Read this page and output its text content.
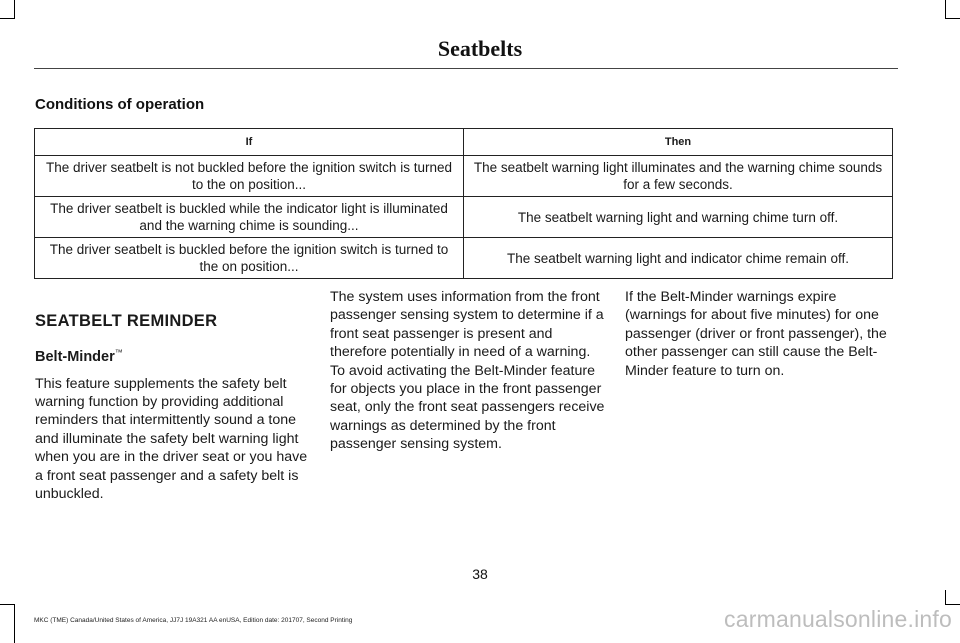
Seatbelts
Conditions of operation
If	Then
The driver seatbelt is not buckled before the ignition switch is turned to the on position...	The seatbelt warning light illuminates and the warning chime sounds for a few seconds.
The driver seatbelt is buckled while the indicator light is illuminated and the warning chime is sounding...	The seatbelt warning light and warning chime turn off.
The driver seatbelt is buckled before the ignition switch is turned to the on position...	The seatbelt warning light and indicator chime remain off.
SEATBELT REMINDER
Belt-Minder™

This feature supplements the safety belt warning function by providing additional reminders that intermittently sound a tone and illuminate the safety belt warning light when you are in the driver seat or you have a front seat passenger and a safety belt is unbuckled.

The system uses information from the front passenger sensing system to determine if a front seat passenger is present and therefore potentially in need of a warning. To avoid activating the Belt-Minder feature for objects you place in the front passenger seat, only the front seat passengers receive warnings as determined by the front passenger sensing system.

If the Belt-Minder warnings expire (warnings for about five minutes) for one passenger (driver or front passenger), the other passenger can still cause the Belt-Minder feature to turn on.

38
MKC (TME) Canada/United States of America, JJ7J 19A321 AA enUSA, Edition date: 201707, Second Printing	carmanualsonline.info
